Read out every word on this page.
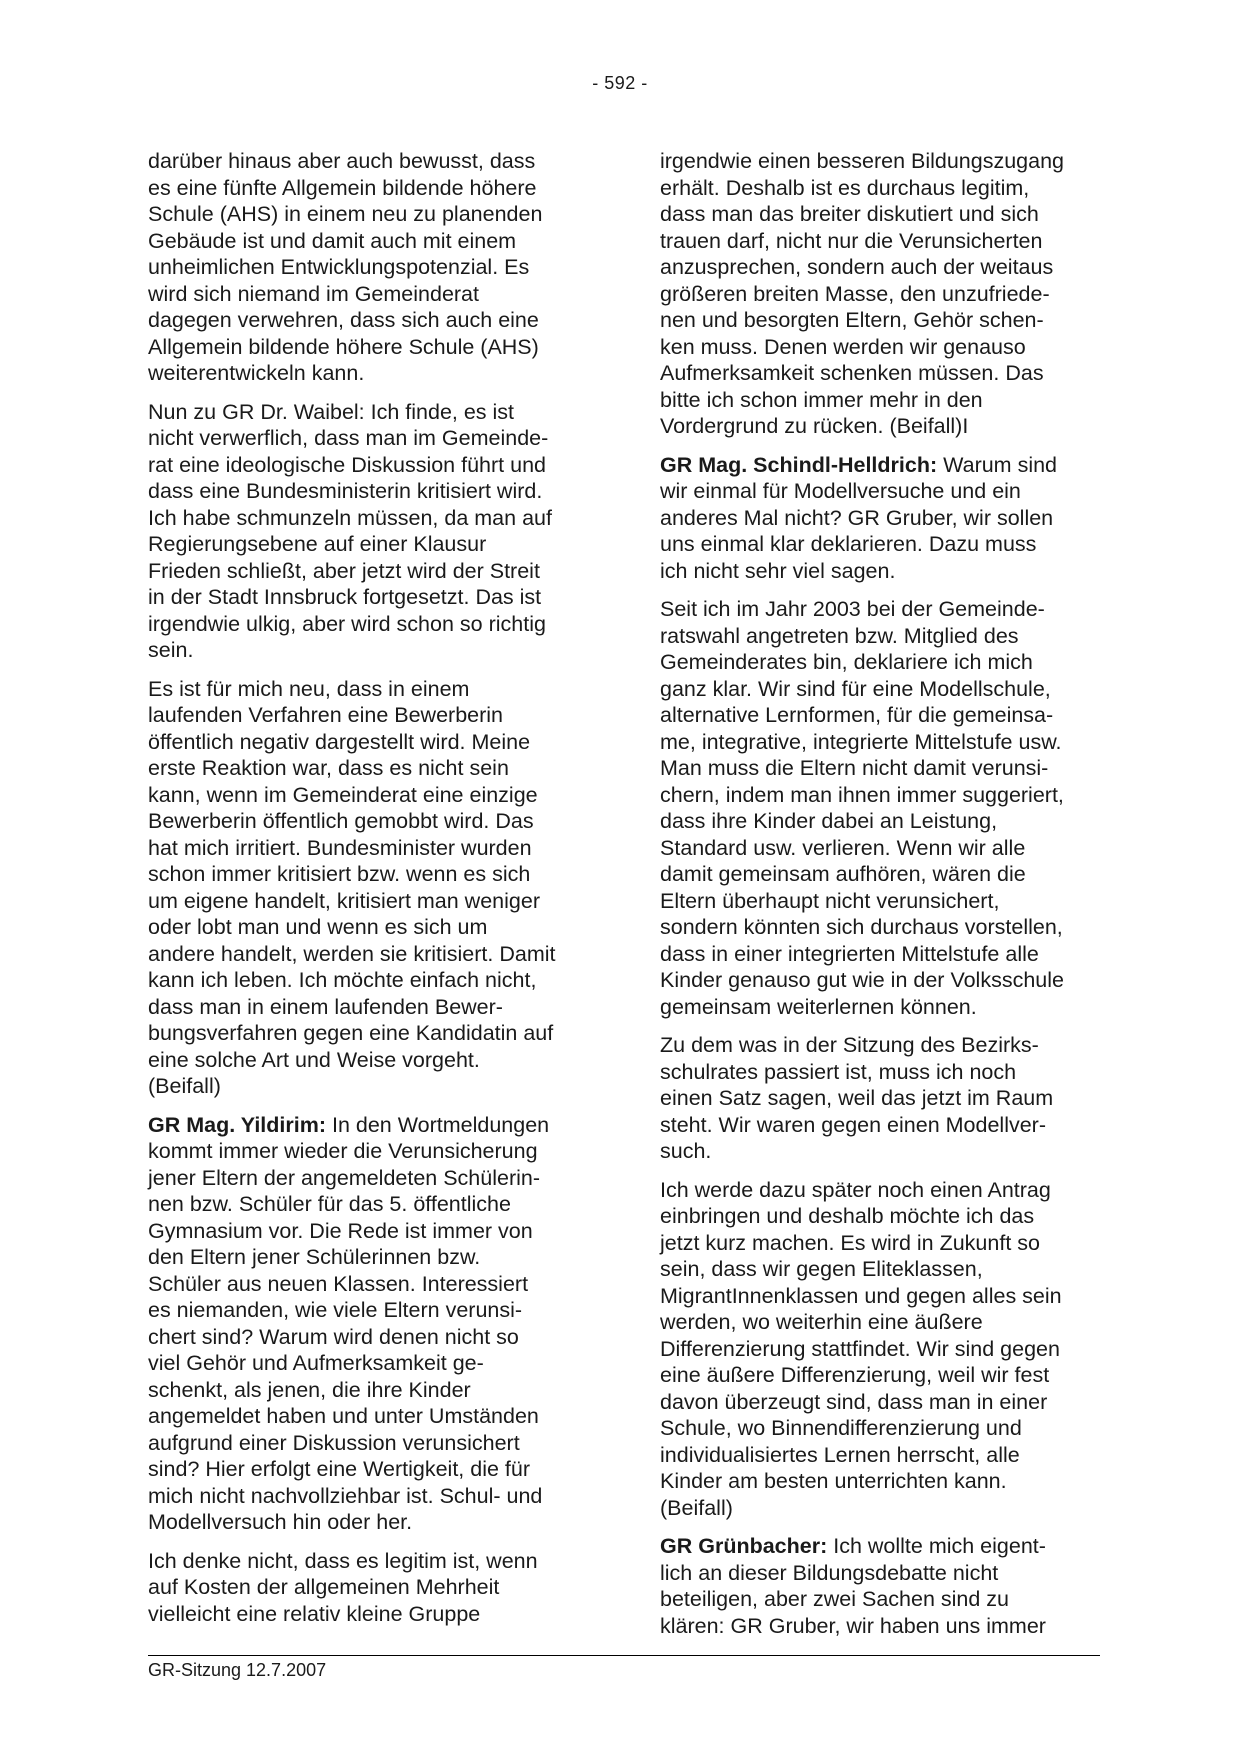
- 592 -

darüber hinaus aber auch bewusst, dass
es eine fünfte Allgemein bildende höhere
Schule (AHS) in einem neu zu planenden
Gebäude ist und damit auch mit einem
unheimlichen Entwicklungspotenzial. Es
wird sich niemand im Gemeinderat
dagegen verwehren, dass sich auch eine
Allgemein bildende höhere Schule (AHS)
weiterentwickeln kann.

Nun zu GR Dr. Waibel: Ich finde, es ist
nicht verwerflich, dass man im Gemeinde-
rat eine ideologische Diskussion führt und
dass eine Bundesministerin kritisiert wird.
Ich habe schmunzeln müssen, da man auf
Regierungsebene auf einer Klausur
Frieden schließt, aber jetzt wird der Streit
in der Stadt Innsbruck fortgesetzt. Das ist
irgendwie ulkig, aber wird schon so richtig
sein.

Es ist für mich neu, dass in einem
laufenden Verfahren eine Bewerberin
öffentlich negativ dargestellt wird. Meine
erste Reaktion war, dass es nicht sein
kann, wenn im Gemeinderat eine einzige
Bewerberin öffentlich gemobbt wird. Das
hat mich irritiert. Bundesminister wurden
schon immer kritisiert bzw. wenn es sich
um eigene handelt, kritisiert man weniger
oder lobt man und wenn es sich um
andere handelt, werden sie kritisiert. Damit
kann ich leben. Ich möchte einfach nicht,
dass man in einem laufenden Bewer-
bungsverfahren gegen eine Kandidatin auf
eine solche Art und Weise vorgeht.
(Beifall)

GR Mag. Yildirim: In den Wortmeldungen
kommt immer wieder die Verunsicherung
jener Eltern der angemeldeten Schülerin-
nen bzw. Schüler für das 5. öffentliche
Gymnasium vor. Die Rede ist immer von
den Eltern jener Schülerinnen bzw.
Schüler aus neuen Klassen. Interessiert
es niemanden, wie viele Eltern verunsi-
chert sind? Warum wird denen nicht so
viel Gehör und Aufmerksamkeit ge-
schenkt, als jenen, die ihre Kinder
angemeldet haben und unter Umständen
aufgrund einer Diskussion verunsichert
sind? Hier erfolgt eine Wertigkeit, die für
mich nicht nachvollziehbar ist. Schul- und
Modellversuch hin oder her.

Ich denke nicht, dass es legitim ist, wenn
auf Kosten der allgemeinen Mehrheit
vielleicht eine relativ kleine Gruppe

irgendwie einen besseren Bildungszugang
erhält. Deshalb ist es durchaus legitim,
dass man das breiter diskutiert und sich
trauen darf, nicht nur die Verunsicherten
anzusprechen, sondern auch der weitaus
größeren breiten Masse, den unzufriede-
nen und besorgten Eltern, Gehör schen-
ken muss. Denen werden wir genauso
Aufmerksamkeit schenken müssen. Das
bitte ich schon immer mehr in den
Vordergrund zu rücken. (Beifall)I

GR Mag. Schindl-Helldrich: Warum sind
wir einmal für Modellversuche und ein
anderes Mal nicht? GR Gruber, wir sollen
uns einmal klar deklarieren. Dazu muss
ich nicht sehr viel sagen.

Seit ich im Jahr 2003 bei der Gemeinde-
ratswahl angetreten bzw. Mitglied des
Gemeinderates bin, deklariere ich mich
ganz klar. Wir sind für eine Modellschule,
alternative Lernformen, für die gemeinsa-
me, integrative, integrierte Mittelstufe usw.
Man muss die Eltern nicht damit verunsi-
chern, indem man ihnen immer suggeriert,
dass ihre Kinder dabei an Leistung,
Standard usw. verlieren. Wenn wir alle
damit gemeinsam aufhören, wären die
Eltern überhaupt nicht verunsichert,
sondern könnten sich durchaus vorstellen,
dass in einer integrierten Mittelstufe alle
Kinder genauso gut wie in der Volksschule
gemeinsam weiterlernen können.

Zu dem was in der Sitzung des Bezirks-
schulrates passiert ist, muss ich noch
einen Satz sagen, weil das jetzt im Raum
steht. Wir waren gegen einen Modellver-
such.

Ich werde dazu später noch einen Antrag
einbringen und deshalb möchte ich das
jetzt kurz machen. Es wird in Zukunft so
sein, dass wir gegen Eliteklassen,
MigrantInnenklassen und gegen alles sein
werden, wo weiterhin eine äußere
Differenzierung stattfindet. Wir sind gegen
eine äußere Differenzierung, weil wir fest
davon überzeugt sind, dass man in einer
Schule, wo Binnendifferenzierung und
individualisiertes Lernen herrscht, alle
Kinder am besten unterrichten kann.
(Beifall)

GR Grünbacher: Ich wollte mich eigent-
lich an dieser Bildungsdebatte nicht
beteiligen, aber zwei Sachen sind zu
klären: GR Gruber, wir haben uns immer

GR-Sitzung 12.7.2007
